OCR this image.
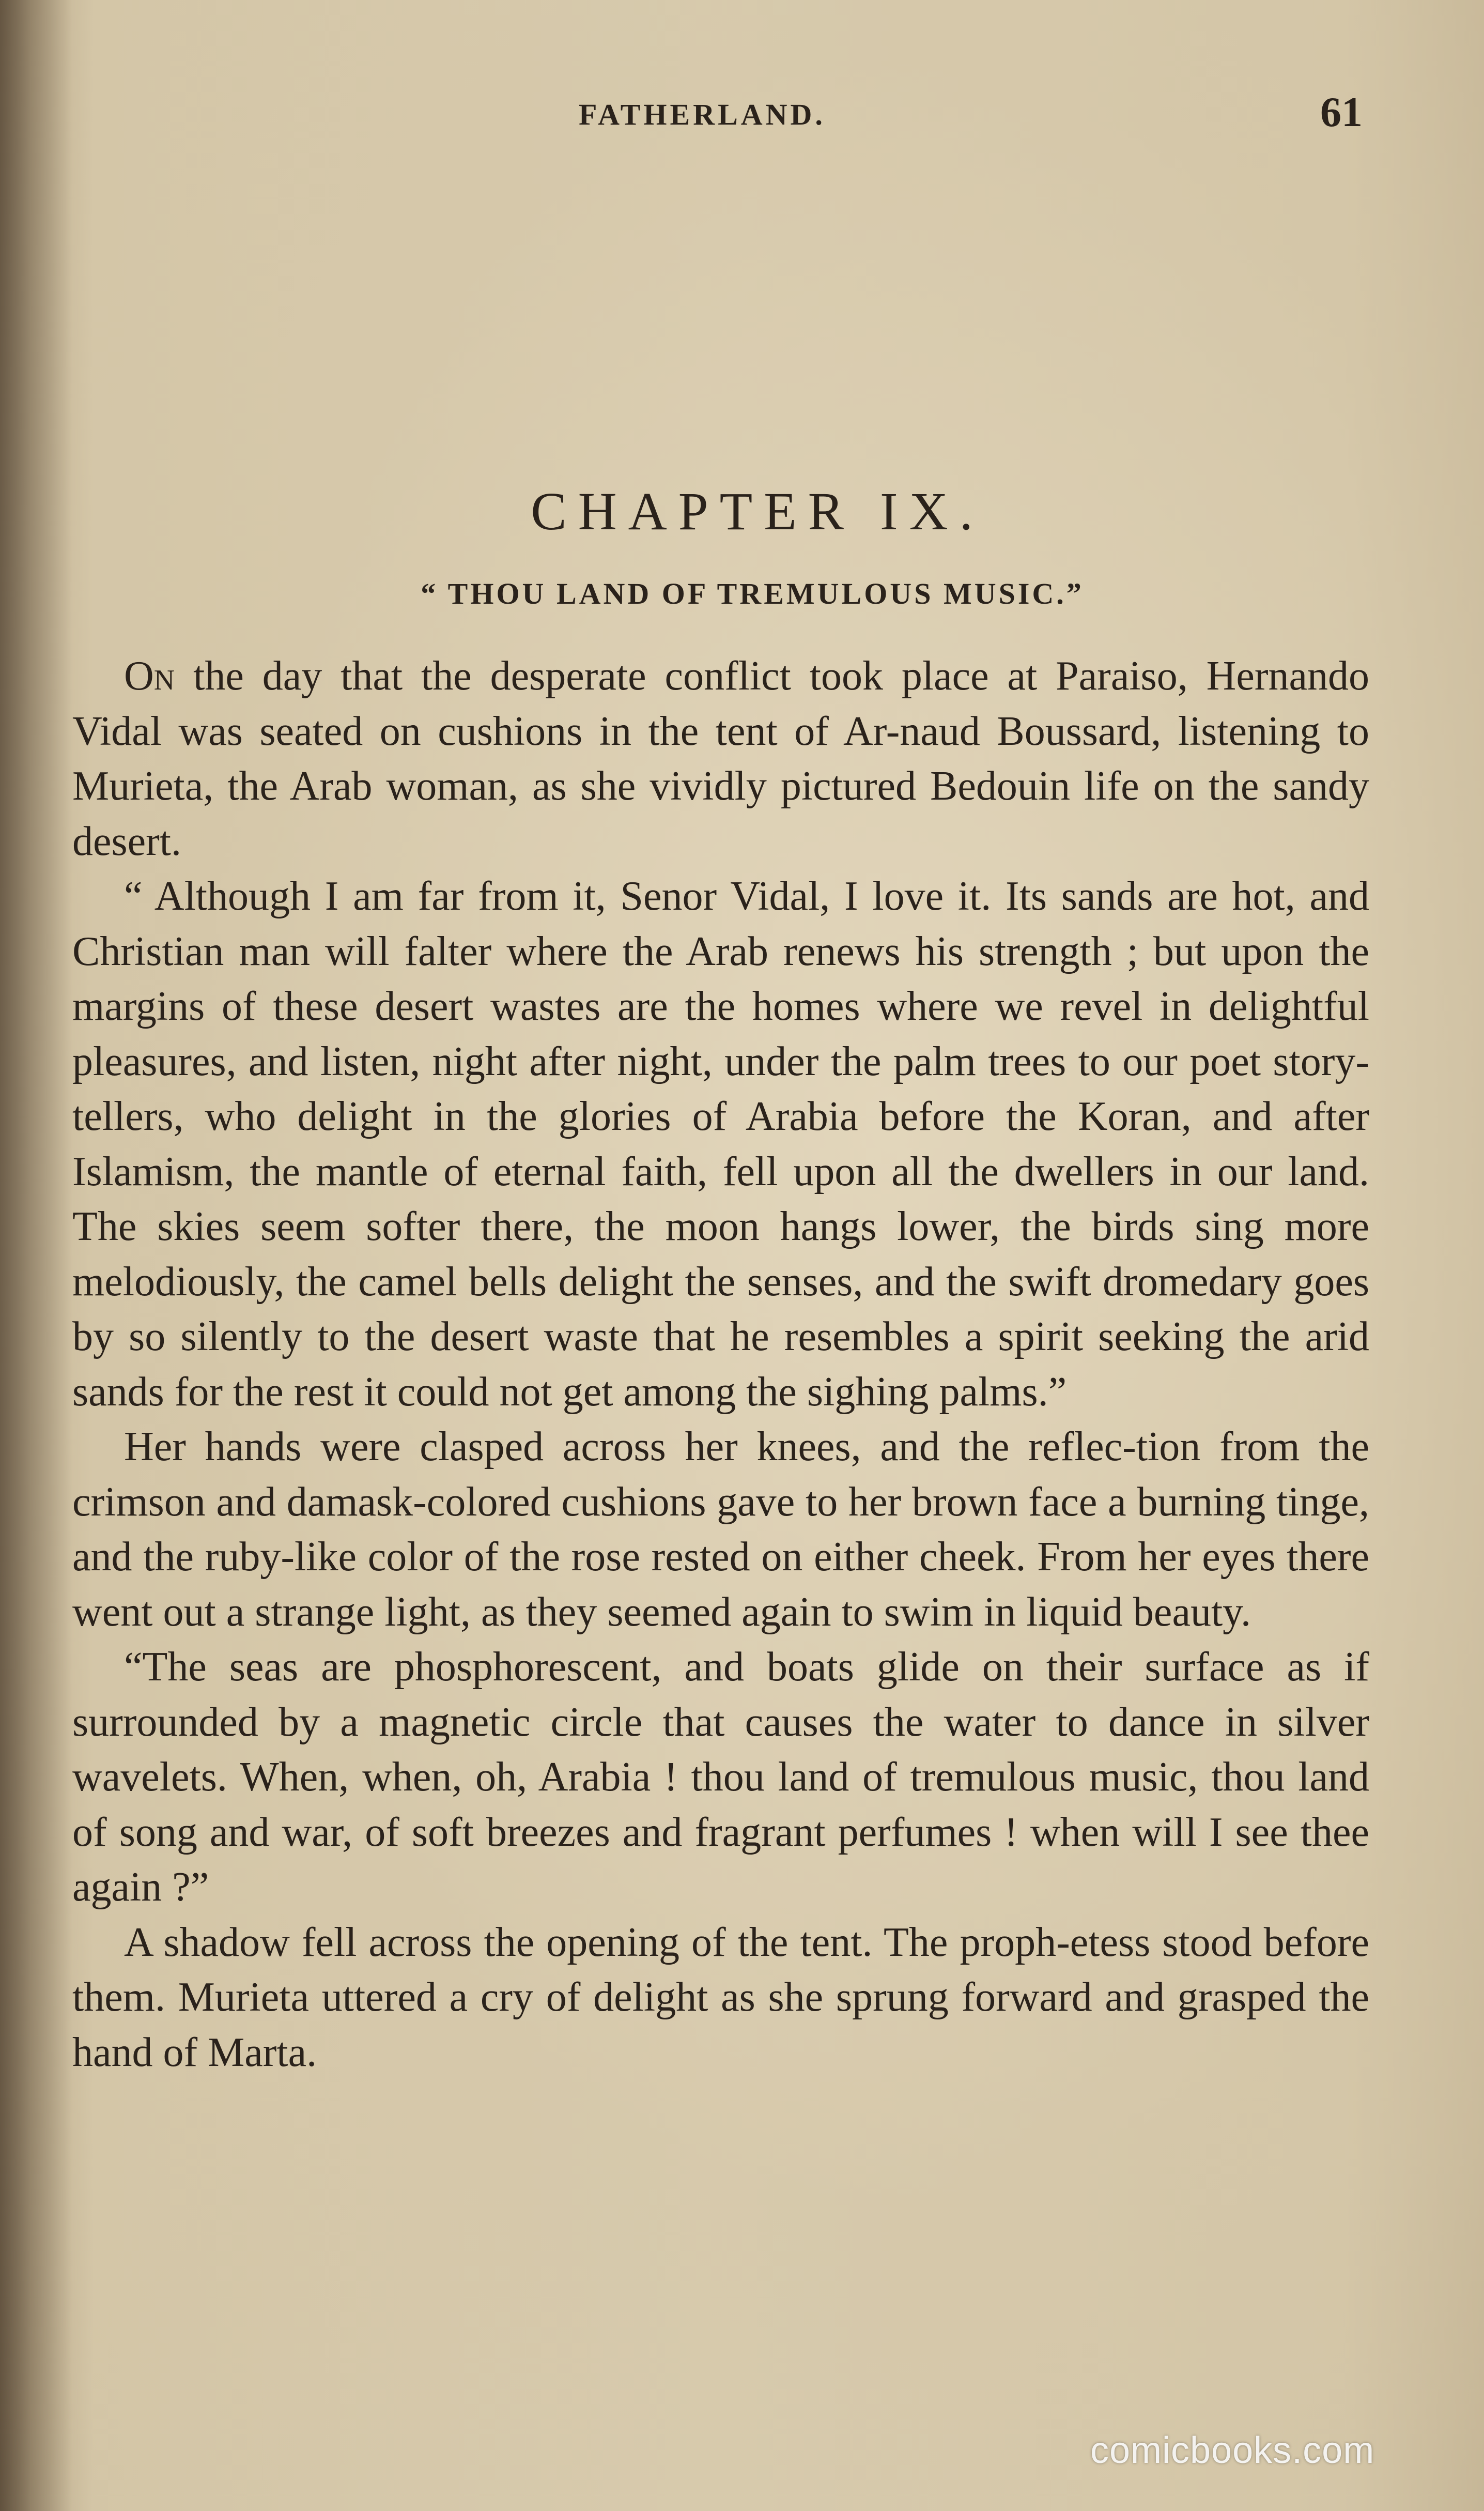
FATHERLAND.	61
CHAPTER IX.
“ THOU LAND OF TREMULOUS MUSIC.”

On the day that the desperate conflict took place at Paraiso, Hernando Vidal was seated on cushions in the tent of Ar-naud Boussard, listening to Murieta, the Arab woman, as she vividly pictured Bedouin life on the sandy desert.

“ Although I am far from it, Senor Vidal, I love it. Its sands are hot, and Christian man will falter where the Arab renews his strength ; but upon the margins of these desert wastes are the homes where we revel in delightful pleasures, and listen, night after night, under the palm trees to our poet story-tellers, who delight in the glories of Arabia before the Koran, and after Islamism, the mantle of eternal faith, fell upon all the dwellers in our land. The skies seem softer there, the moon hangs lower, the birds sing more melodiously, the camel bells delight the senses, and the swift dromedary goes by so silently to the desert waste that he resembles a spirit seeking the arid sands for the rest it could not get among the sighing palms.”

Her hands were clasped across her knees, and the reflec-tion from the crimson and damask-colored cushions gave to her brown face a burning tinge, and the ruby-like color of the rose rested on either cheek. From her eyes there went out a strange light, as they seemed again to swim in liquid beauty.

“The seas are phosphorescent, and boats glide on their surface as if surrounded by a magnetic circle that causes the water to dance in silver wavelets. When, when, oh, Arabia ! thou land of tremulous music, thou land of song and war, of soft breezes and fragrant perfumes ! when will I see thee again ?”

A shadow fell across the opening of the tent. The proph-etess stood before them. Murieta uttered a cry of delight as she sprung forward and grasped the hand of Marta.

comicbooks.com
